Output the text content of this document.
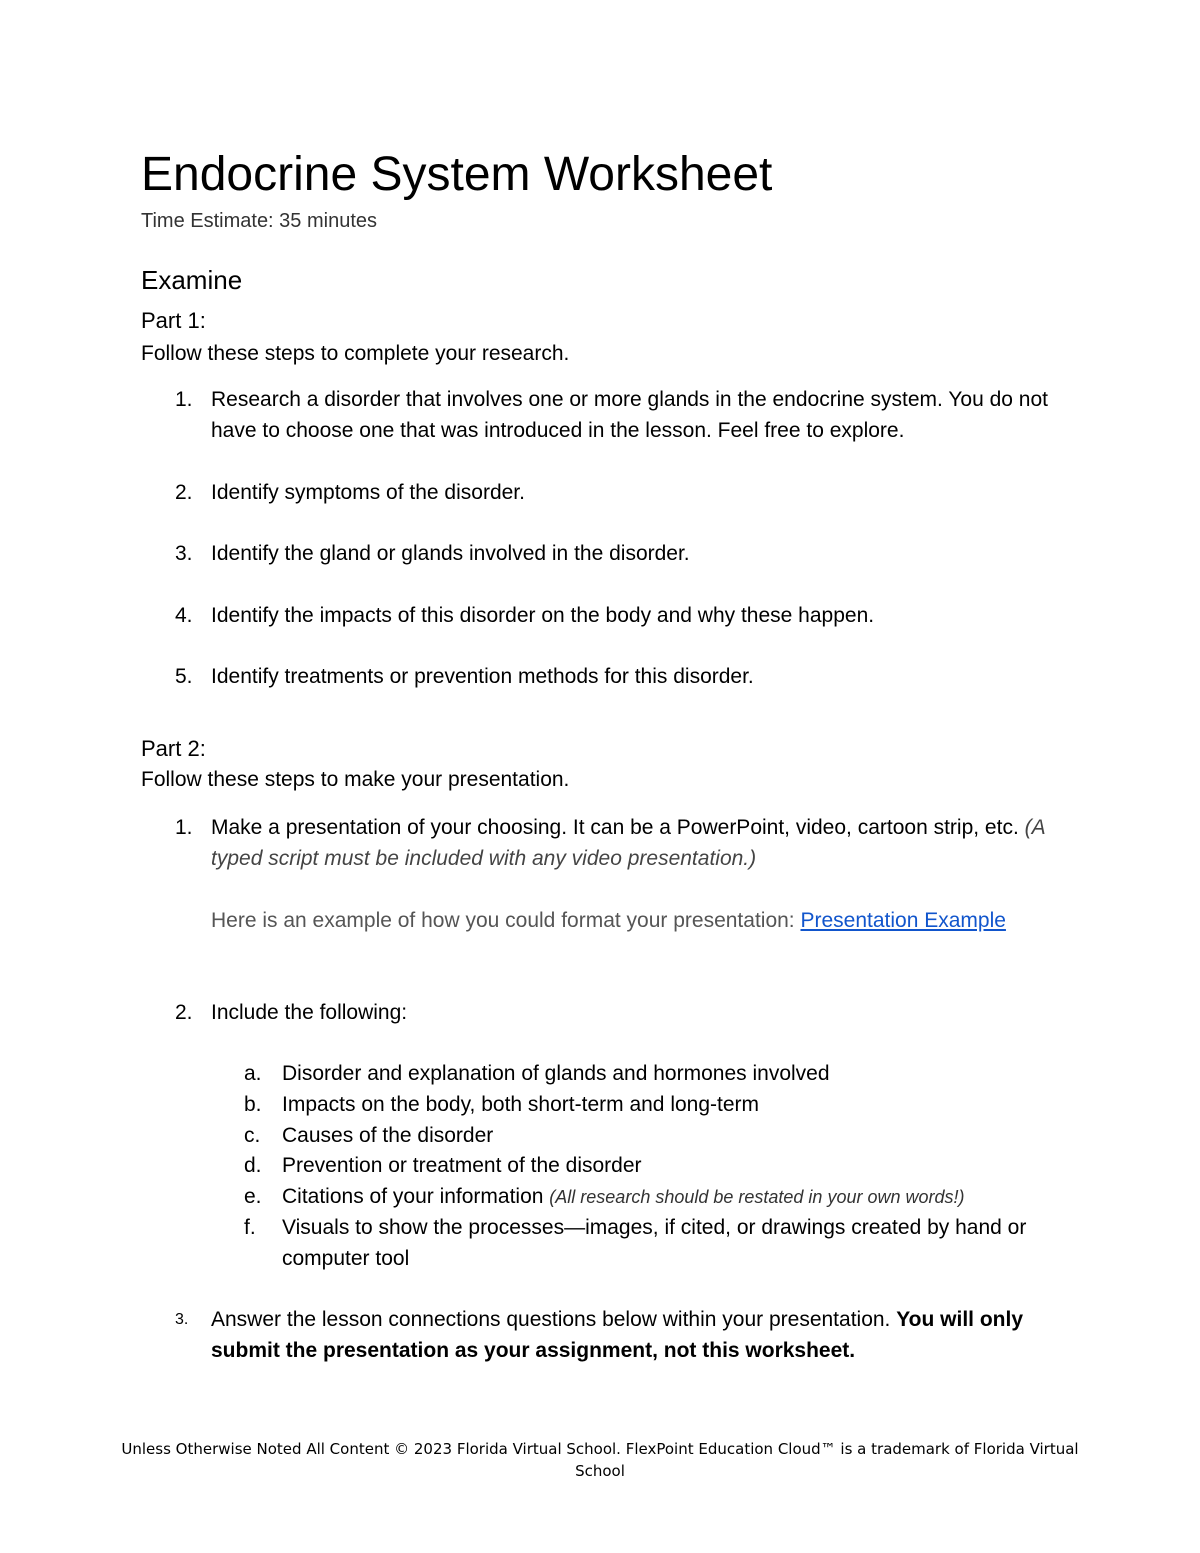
Endocrine System Worksheet
Time Estimate: 35 minutes
Examine
Part 1:
Follow these steps to complete your research.
1. Research a disorder that involves one or more glands in the endocrine system. You do not have to choose one that was introduced in the lesson. Feel free to explore.
2. Identify symptoms of the disorder.
3. Identify the gland or glands involved in the disorder.
4. Identify the impacts of this disorder on the body and why these happen.
5. Identify treatments or prevention methods for this disorder.
Part 2:
Follow these steps to make your presentation.
1. Make a presentation of your choosing. It can be a PowerPoint, video, cartoon strip, etc. (A typed script must be included with any video presentation.)
Here is an example of how you could format your presentation: Presentation Example
2. Include the following:
a. Disorder and explanation of glands and hormones involved
b. Impacts on the body, both short-term and long-term
c. Causes of the disorder
d. Prevention or treatment of the disorder
e. Citations of your information (All research should be restated in your own words!)
f. Visuals to show the processes—images, if cited, or drawings created by hand or computer tool
3. Answer the lesson connections questions below within your presentation. You will only submit the presentation as your assignment, not this worksheet.
Unless Otherwise Noted All Content © 2023 Florida Virtual School. FlexPoint Education Cloud™ is a trademark of Florida Virtual School
